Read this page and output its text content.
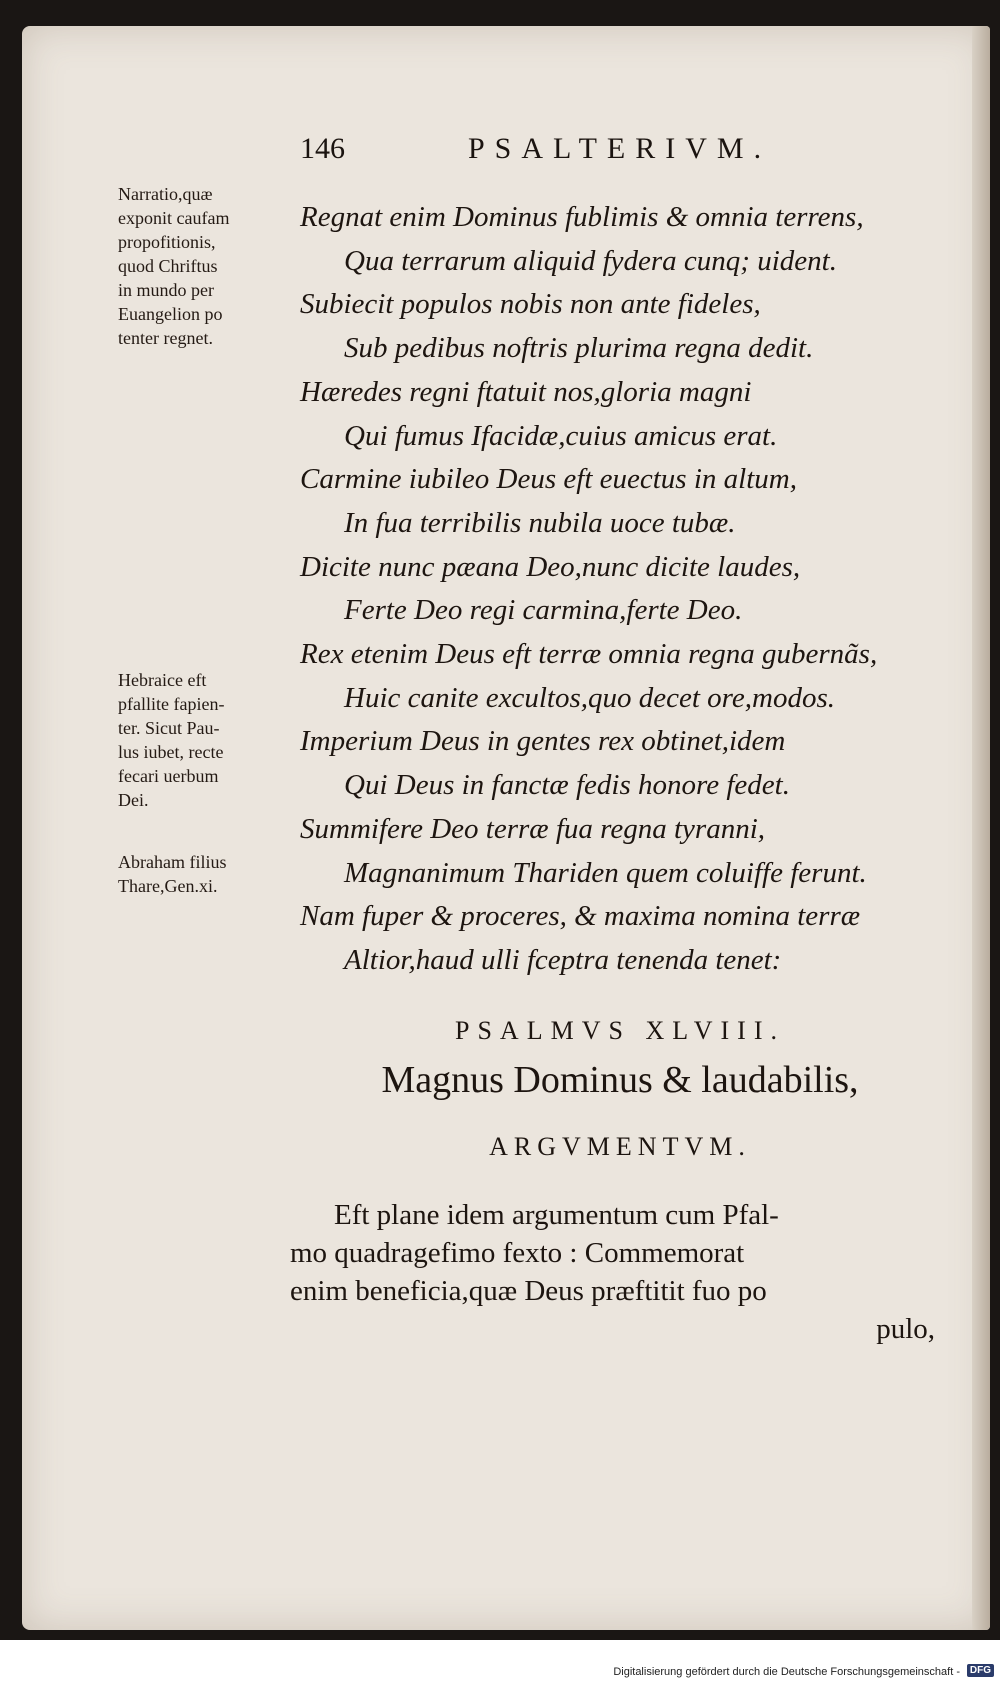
146	PSALTERIVM.
Narratio,quæ
exponit caufam
propofitionis,
quod Chriftus
in mundo per
Euangelion po
tenter regnet.
Hebraice eft
pfallite fapien-
ter. Sicut Pau-
lus iubet, recte
fecari uerbum
Dei.
Abraham filius
Thare,Gen.xi.
Regnat enim Dominus fublimis & omnia terrens,
Qua terrarum aliquid fydera cunq; uident.
Subiecit populos nobis non ante fideles,
Sub pedibus noftris plurima regna dedit.
Hæredes regni ftatuit nos,gloria magni
Qui fumus Ifacidæ,cuius amicus erat.
Carmine iubileo Deus eft euectus in altum,
In fua terribilis nubila uoce tubæ.
Dicite nunc pæana Deo,nunc dicite laudes,
Ferte Deo regi carmina,ferte Deo.
Rex etenim Deus eft terræ omnia regna gubernãs,
Huic canite excultos,quo decet ore,modos.
Imperium Deus in gentes rex obtinet,idem
Qui Deus in fanctæ fedis honore fedet.
Summifere Deo terræ fua regna tyranni,
Magnanimum Thariden quem coluiffe ferunt.
Nam fuper & proceres, & maxima nomina terræ
Altior,haud ulli fceptra tenenda tenet:
PSALMVS XLVIII.
Magnus Dominus & laudabilis,
ARGVMENTVM.
Eft plane idem argumentum cum Pfal-
mo quadragefimo fexto : Commemorat
enim beneficia,quæ Deus præftitit fuo po
pulo,
Digitalisierung gefördert durch die Deutsche Forschungsgemeinschaft - DFG
